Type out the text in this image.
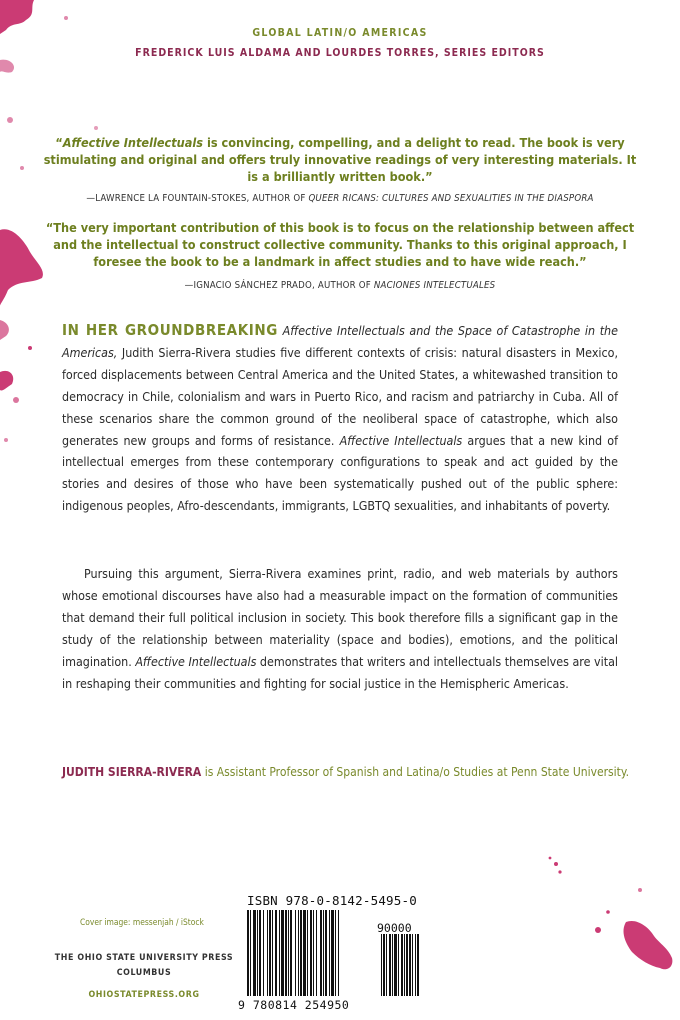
GLOBAL LATIN/O AMERICAS
FREDERICK LUIS ALDAMA AND LOURDES TORRES, SERIES EDITORS
“Affective Intellectuals is convincing, compelling, and a delight to read. The book is very stimulating and original and offers truly innovative readings of very interesting materials. It is a brilliantly written book.”
—LAWRENCE LA FOUNTAIN-STOKES, AUTHOR OF QUEER RICANS: CULTURES AND SEXUALITIES IN THE DIASPORA
“The very important contribution of this book is to focus on the relationship between affect and the intellectual to construct collective community. Thanks to this original approach, I foresee the book to be a landmark in affect studies and to have wide reach.”
—IGNACIO SÁNCHEZ PRADO, AUTHOR OF NACIONES INTELECTUALES
IN HER GROUNDBREAKING Affective Intellectuals and the Space of Catastrophe in the Americas, Judith Sierra-Rivera studies five different contexts of crisis: natural disasters in Mexico, forced displacements between Central America and the United States, a whitewashed transition to democracy in Chile, colonialism and wars in Puerto Rico, and racism and patriarchy in Cuba. All of these scenarios share the common ground of the neoliberal space of catastrophe, which also generates new groups and forms of resistance. Affective Intellectuals argues that a new kind of intellectual emerges from these contemporary configurations to speak and act guided by the stories and desires of those who have been systematically pushed out of the public sphere: indigenous peoples, Afro-descendants, immigrants, LGBTQ sexualities, and inhabitants of poverty.
Pursuing this argument, Sierra-Rivera examines print, radio, and web materials by authors whose emotional discourses have also had a measurable impact on the formation of communities that demand their full political inclusion in society. This book therefore fills a significant gap in the study of the relationship between materiality (space and bodies), emotions, and the political imagination. Affective Intellectuals demonstrates that writers and intellectuals themselves are vital in reshaping their communities and fighting for social justice in the Hemispheric Americas.
JUDITH SIERRA-RIVERA is Assistant Professor of Spanish and Latina/o Studies at Penn State University.
Cover image: messenjah / iStock
THE OHIO STATE UNIVERSITY PRESS
COLUMBUS
OHIOSTATEPRESS.ORG
ISBN 978-0-8142-5495-0
9 780814 254950
90000
